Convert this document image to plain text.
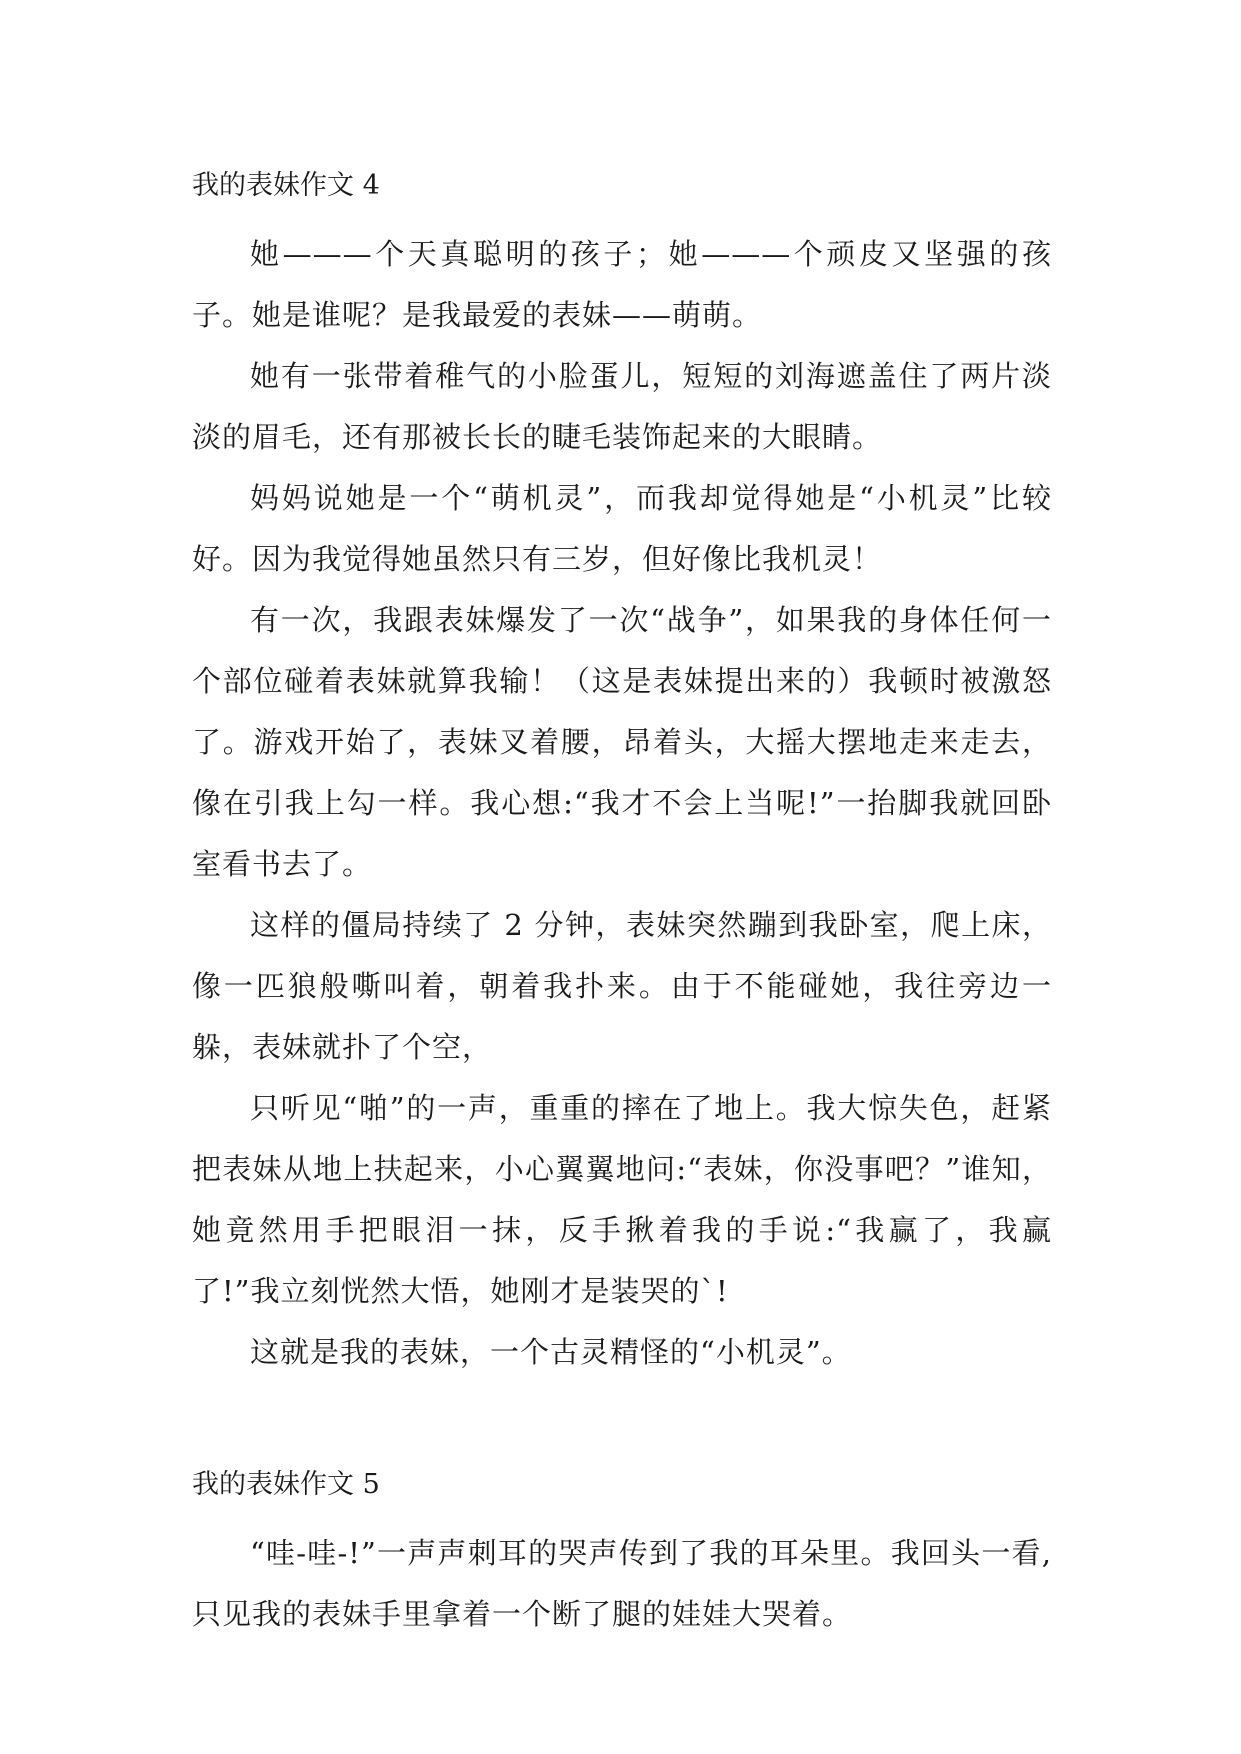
我的表妹作文 4

她———个天真聪明的孩子；她———个顽皮又坚强的孩子。她是谁呢？是我最爱的表妹——萌萌。

她有一张带着稚气的小脸蛋儿，短短的刘海遮盖住了两片淡淡的眉毛，还有那被长长的睫毛装饰起来的大眼睛。

妈妈说她是一个“萌机灵”，而我却觉得她是“小机灵”比较好。因为我觉得她虽然只有三岁，但好像比我机灵！

有一次，我跟表妹爆发了一次“战争”，如果我的身体任何一个部位碰着表妹就算我输！（这是表妹提出来的）我顿时被激怒了。游戏开始了，表妹叉着腰，昂着头，大摇大摆地走来走去，像在引我上勾一样。我心想:“我才不会上当呢!”一抬脚我就回卧室看书去了。

这样的僵局持续了 2 分钟，表妹突然蹦到我卧室，爬上床，像一匹狼般嘶叫着，朝着我扑来。由于不能碰她，我往旁边一躲，表妹就扑了个空，

只听见“啪”的一声，重重的摔在了地上。我大惊失色，赶紧把表妹从地上扶起来，小心翼翼地问:“表妹，你没事吧？”谁知，她竟然用手把眼泪一抹，反手揪着我的手说:“我赢了，我赢了!”我立刻恍然大悟，她刚才是装哭的`!

这就是我的表妹，一个古灵精怪的“小机灵”。

我的表妹作文 5

“哇-哇-!”一声声刺耳的哭声传到了我的耳朵里。我回头一看,只见我的表妹手里拿着一个断了腿的娃娃大哭着。
